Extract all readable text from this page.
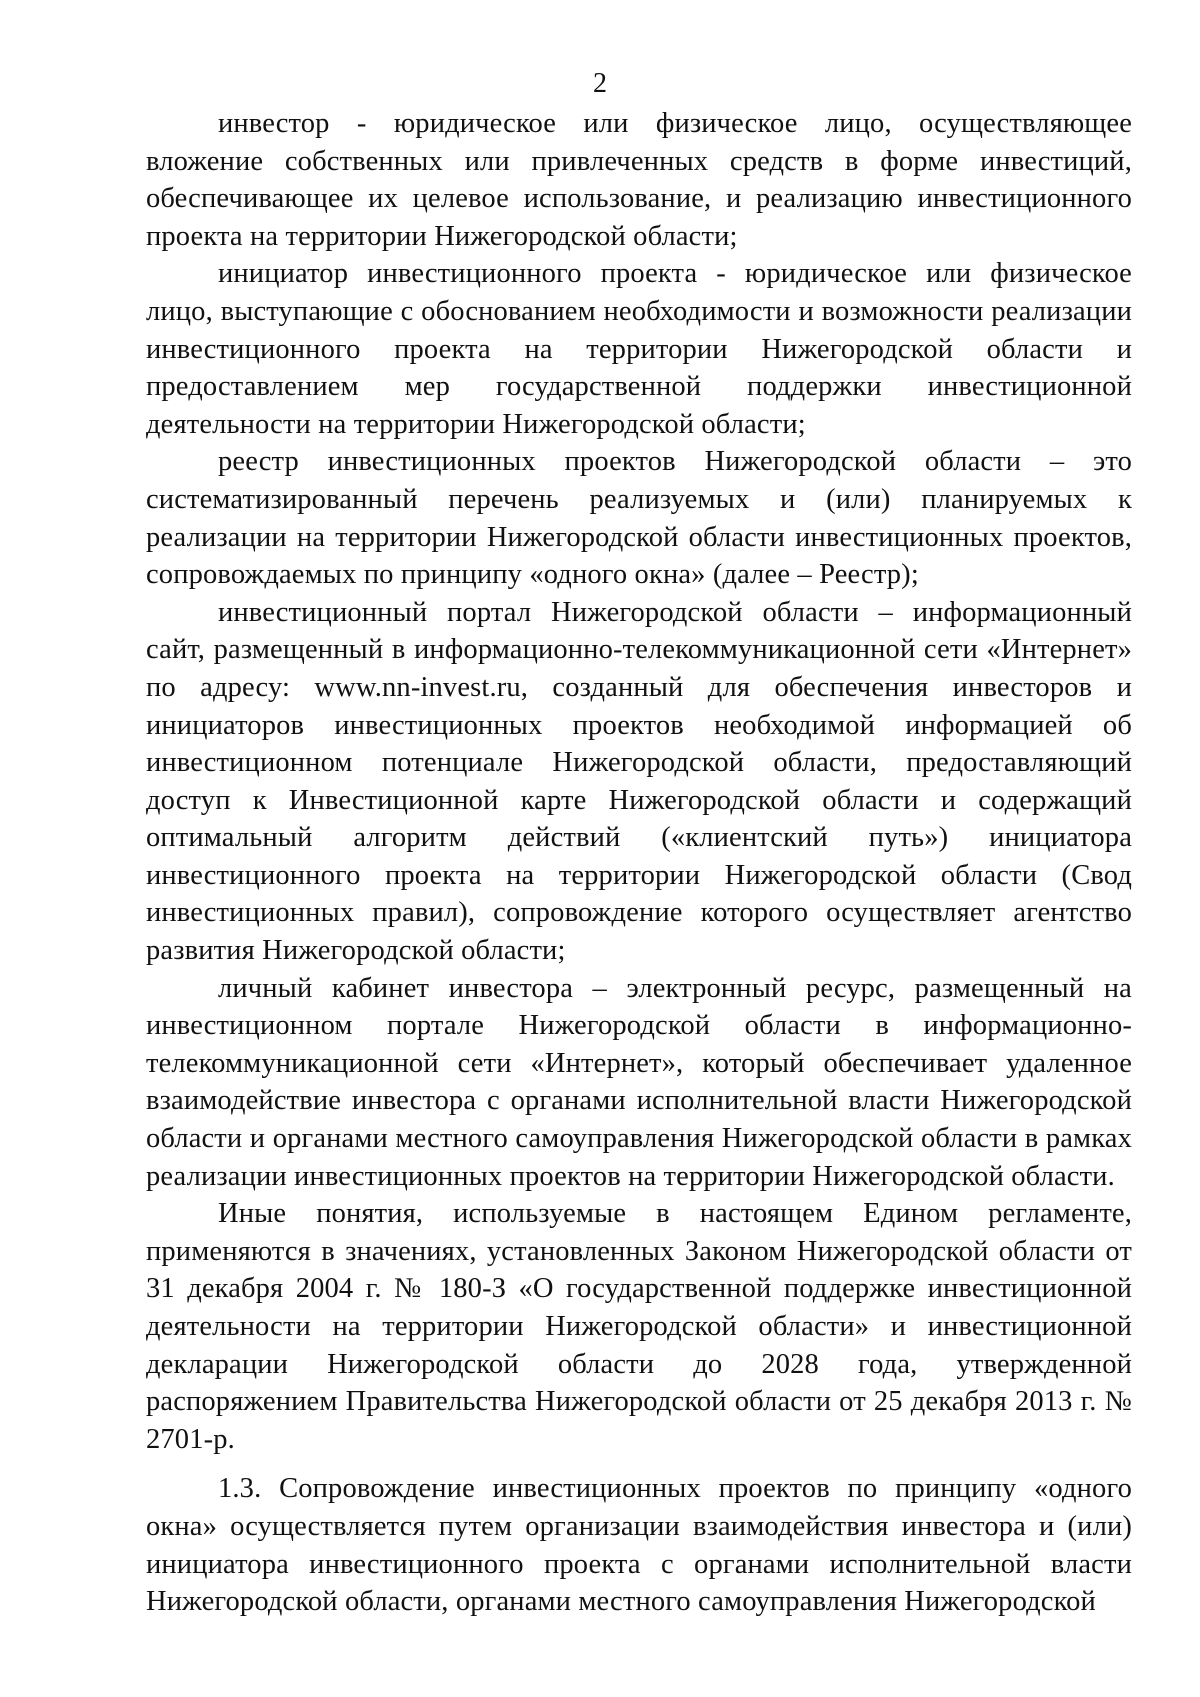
2

инвестор - юридическое или физическое лицо, осуществляющее вложение собственных или привлеченных средств в форме инвестиций, обеспечивающее их целевое использование, и реализацию инвестиционного проекта на территории Нижегородской области;

инициатор инвестиционного проекта - юридическое или физическое лицо, выступающие с обоснованием необходимости и возможности реализации инвестиционного проекта на территории Нижегородской области и предоставлением мер государственной поддержки инвестиционной деятельности на территории Нижегородской области;

реестр инвестиционных проектов Нижегородской области – это систематизированный перечень реализуемых и (или) планируемых к реализации на территории Нижегородской области инвестиционных проектов, сопровождаемых по принципу «одного окна» (далее – Реестр);

инвестиционный портал Нижегородской области – информационный сайт, размещенный в информационно-телекоммуникационной сети «Интернет» по адресу: www.nn-invest.ru, созданный для обеспечения инвесторов и инициаторов инвестиционных проектов необходимой информацией об инвестиционном потенциале Нижегородской области, предоставляющий доступ к Инвестиционной карте Нижегородской области и содержащий оптимальный алгоритм действий («клиентский путь») инициатора инвестиционного проекта на территории Нижегородской области (Свод инвестиционных правил), сопровождение которого осуществляет агентство развития Нижегородской области;

личный кабинет инвестора – электронный ресурс, размещенный на инвестиционном портале Нижегородской области в информационно-телекоммуникационной сети «Интернет», который обеспечивает удаленное взаимодействие инвестора с органами исполнительной власти Нижегородской области и органами местного самоуправления Нижегородской области в рамках реализации инвестиционных проектов на территории Нижегородской области.

Иные понятия, используемые в настоящем Едином регламенте, применяются в значениях, установленных Законом Нижегородской области от 31 декабря 2004 г. № 180-З «О государственной поддержке инвестиционной деятельности на территории Нижегородской области» и инвестиционной декларации Нижегородской области до 2028 года, утвержденной распоряжением Правительства Нижегородской области от 25 декабря 2013 г. № 2701-р.

1.3. Сопровождение инвестиционных проектов по принципу «одного окна» осуществляется путем организации взаимодействия инвестора и (или) инициатора инвестиционного проекта с органами исполнительной власти Нижегородской области, органами местного самоуправления Нижегородской
